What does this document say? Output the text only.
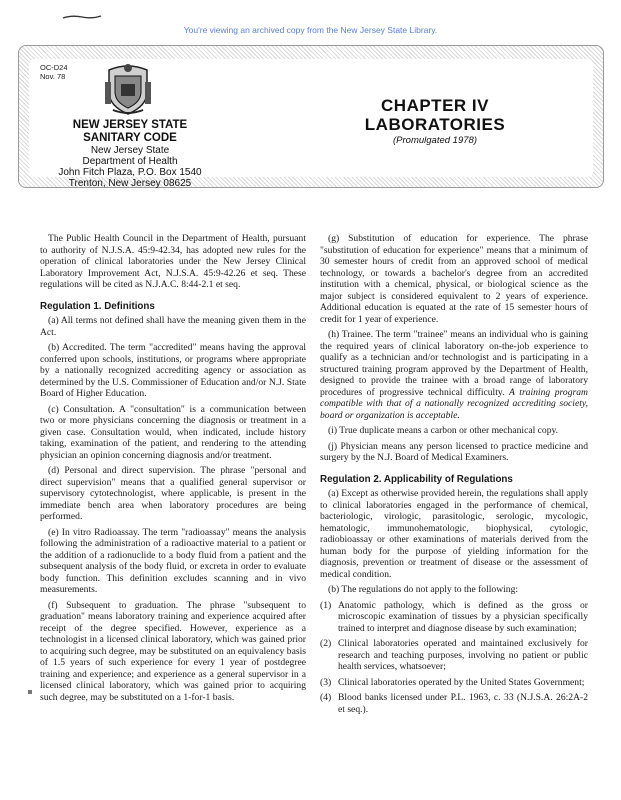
You're viewing an archived copy from the New Jersey State Library.
OC-D24
Nov. 78
NEW JERSEY STATE
SANITARY CODE
New Jersey State
Department of Health
John Fitch Plaza, P.O. Box 1540
Trenton, New Jersey 08625
CHAPTER IV
LABORATORIES
(Promulgated 1978)

The Public Health Council in the Department of Health, pursuant to authority of N.J.S.A. 45:9-42.34, has adopted new rules for the operation of clinical laboratories under the New Jersey Clinical Laboratory Improvement Act, N.J.S.A. 45:9-42.26 et seq. These regulations will be cited as N.J.A.C. 8:44-2.1 et seq.

Regulation 1. Definitions

(a) All terms not defined shall have the meaning given them in the Act.

(b) Accredited. The term "accredited" means having the approval conferred upon schools, institutions, or programs where appropriate by a nationally recognized accrediting agency or association as determined by the U.S. Commissioner of Education and/or N.J. State Board of Higher Education.

(c) Consultation. A "consultation" is a communication between two or more physicians concerning the diagnosis or treatment in a given case. Consultation would, when indicated, include history taking, examination of the patient, and rendering to the attending physician an opinion concerning diagnosis and/or treatment.

(d) Personal and direct supervision. The phrase "personal and direct supervision" means that a qualified general supervisor or supervisory cytotechnologist, where applicable, is present in the immediate bench area when laboratory procedures are being performed.

(e) In vitro Radioassay. The term "radioassay" means the analysis following the administration of a radioactive material to a patient or the addition of a radionuclide to a body fluid from a patient and the subsequent analysis of the body fluid, or excreta in order to evaluate body function. This definition excludes scanning and in vivo measurements.

(f) Subsequent to graduation. The phrase "subsequent to graduation" means laboratory training and experience acquired after receipt of the degree specified. However, experience as a technologist in a licensed clinical laboratory, which was gained prior to acquiring such degree, may be substituted on an equivalency basis of 1.5 years of such experience for every 1 year of postdegree training and experience; and experience as a general supervisor in a licensed clinical laboratory, which was gained prior to acquiring such degree, may be substituted on a 1-for-1 basis.

(g) Substitution of education for experience. The phrase "substitution of education for experience" means that a minimum of 30 semester hours of credit from an approved school of medical technology, or towards a bachelor's degree from an accredited institution with a chemical, physical, or biological science as the major subject is considered equivalent to 2 years of experience. Additional education is equated at the rate of 15 semester hours of credit for 1 year of experience.

(h) Trainee. The term "trainee" means an individual who is gaining the required years of clinical laboratory on-the-job experience to qualify as a technician and/or technologist and is participating in a structured training program approved by the Department of Health, designed to provide the trainee with a broad range of laboratory procedures of progressive technical difficulty. A training program compatible with that of a nationally recognized accrediting society, board or organization is acceptable.

(i) True duplicate means a carbon or other mechanical copy.

(j) Physician means any person licensed to practice medicine and surgery by the N.J. Board of Medical Examiners.

Regulation 2. Applicability of Regulations

(a) Except as otherwise provided herein, the regulations shall apply to clinical laboratories engaged in the performance of chemical, bacteriologic, virologic, parasitologic, serologic, mycologic, hematologic, immunohematologic, biophysical, cytologic, radiobioassay or other examinations of materials derived from the human body for the purpose of yielding information for the diagnosis, prevention or treatment of disease or the assessment of medical condition.

(b) The regulations do not apply to the following:

(1) Anatomic pathology, which is defined as the gross or microscopic examination of tissues by a physician specifically trained to interpret and diagnose disease by such examination;
(2) Clinical laboratories operated and maintained exclusively for research and teaching purposes, involving no patient or public health services, whatsoever;
(3) Clinical laboratories operated by the United States Government;
(4) Blood banks licensed under P.L. 1963, c. 33 (N.J.S.A. 26:2A-2 et seq.).
